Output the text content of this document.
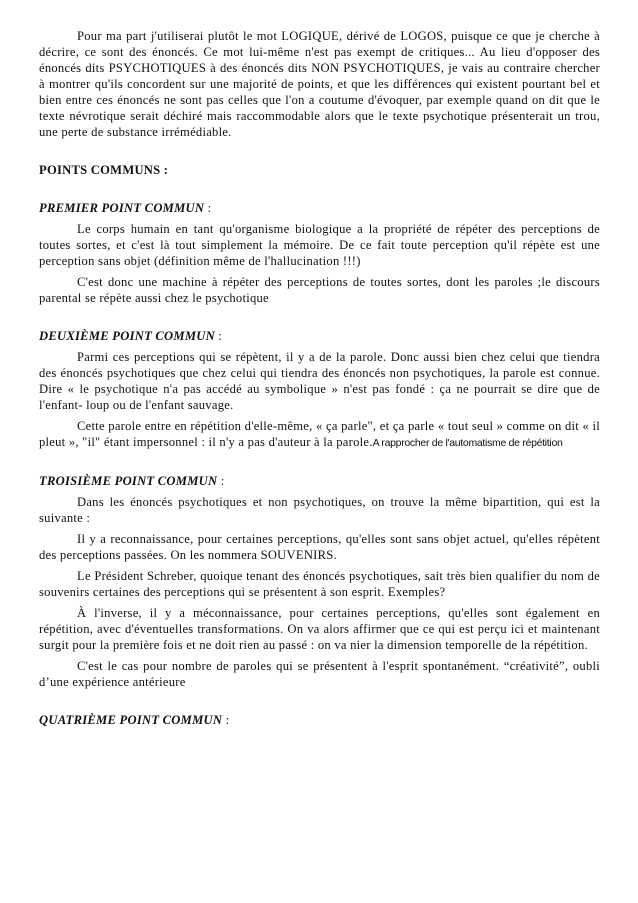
Pour ma part j'utiliserai plutôt le mot LOGIQUE, dérivé de LOGOS, puisque ce que je cherche à décrire, ce sont des énoncés. Ce mot lui-même n'est pas exempt de critiques... Au lieu d'opposer des énoncés dits PSYCHOTIQUES à des énoncés dits NON PSYCHOTIQUES, je vais au contraire chercher à montrer qu'ils concordent sur une majorité de points, et que les différences qui existent pourtant bel et bien entre ces énoncés ne sont pas celles que l'on a coutume d'évoquer, par exemple quand on dit que le texte névrotique serait déchiré mais raccommodable alors que le texte psychotique présenterait un trou, une perte de substance irrémédiable.

POINTS COMMUNS :
PREMIER POINT COMMUN :

Le corps humain en tant qu'organisme biologique a la propriété de répéter des perceptions de toutes sortes, et c'est là tout simplement la mémoire. De ce fait toute perception qu'il répète est une perception sans objet (définition même de l'hallucination !!!)

C'est donc une machine à répéter des perceptions de toutes sortes, dont les paroles ;le discours parental se répète aussi chez le psychotique

DEUXIÈME POINT COMMUN :

Parmi ces perceptions qui se répètent, il y a de la parole. Donc aussi bien chez celui que tiendra des énoncés psychotiques que chez celui qui tiendra des énoncés non psychotiques, la parole est connue. Dire « le psychotique n'a pas accédé au symbolique » n'est pas fondé : ça ne pourrait se dire que de l'enfant- loup ou de l'enfant sauvage.

Cette parole entre en répétition d'elle-même, « ça parle", et ça parle « tout seul » comme on dit « il pleut », "il" étant impersonnel : il n'y a pas d'auteur à la parole.A rapprocher de l'automatisme de répétition

TROISIÈME POINT COMMUN :

Dans les énoncés psychotiques et non psychotiques, on trouve la même bipartition, qui est la suivante :

Il y a reconnaissance, pour certaines perceptions, qu'elles sont sans objet actuel, qu'elles répètent des perceptions passées. On les nommera SOUVENIRS.

Le Président Schreber, quoique tenant des énoncés psychotiques, sait très bien qualifier du nom de souvenirs certaines des perceptions qui se présentent à son esprit. Exemples?

À l'inverse, il y a méconnaissance, pour certaines perceptions, qu'elles sont également en répétition, avec d'éventuelles transformations. On va alors affirmer que ce qui est perçu ici et maintenant surgit pour la première fois et ne doit rien au passé : on va nier la dimension temporelle de la répétition.

C'est le cas pour nombre de paroles qui se présentent à l'esprit spontanément. “créativité”, oubli d’une expérience antérieure

QUATRIÈME POINT COMMUN :
